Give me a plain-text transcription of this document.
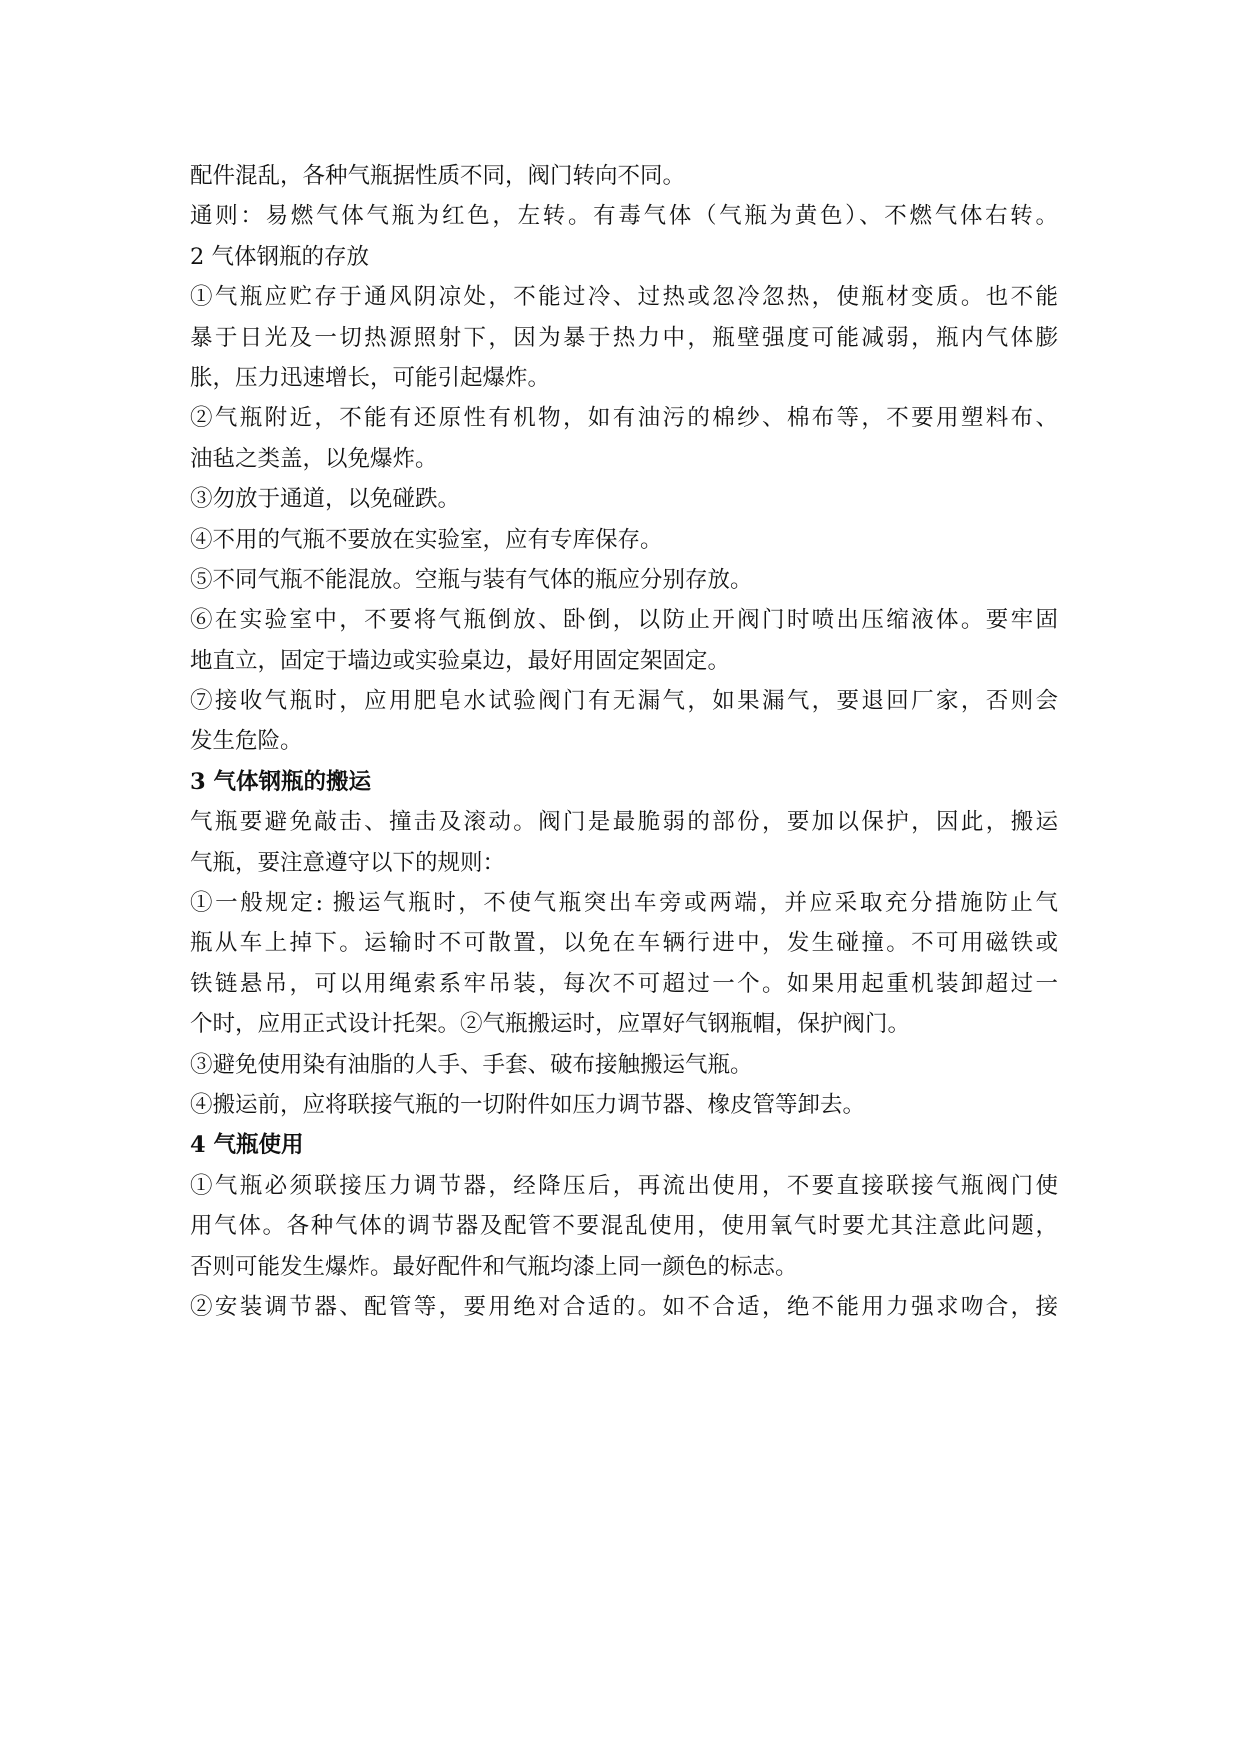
配件混乱，各种气瓶据性质不同，阀门转向不同。
通则：易燃气体气瓶为红色，左转。有毒气体（气瓶为黄色）、不燃气体右转。
2 气体钢瓶的存放
①气瓶应贮存于通风阴凉处，不能过冷、过热或忽冷忽热，使瓶材变质。也不能
暴于日光及一切热源照射下，因为暴于热力中，瓶壁强度可能减弱，瓶内气体膨
胀，压力迅速增长，可能引起爆炸。
②气瓶附近，不能有还原性有机物，如有油污的棉纱、棉布等，不要用塑料布、
油毡之类盖，以免爆炸。
③勿放于通道，以免碰跌。
④不用的气瓶不要放在实验室，应有专库保存。
⑤不同气瓶不能混放。空瓶与装有气体的瓶应分别存放。
⑥在实验室中，不要将气瓶倒放、卧倒，以防止开阀门时喷出压缩液体。要牢固
地直立，固定于墙边或实验桌边，最好用固定架固定。
⑦接收气瓶时，应用肥皂水试验阀门有无漏气，如果漏气，要退回厂家，否则会
发生危险。
3 气体钢瓶的搬运
气瓶要避免敲击、撞击及滚动。阀门是最脆弱的部份，要加以保护，因此，搬运
气瓶，要注意遵守以下的规则：
①一般规定: 搬运气瓶时，不使气瓶突出车旁或两端，并应采取充分措施防止气
瓶从车上掉下。运输时不可散置，以免在车辆行进中，发生碰撞。不可用磁铁或
铁链悬吊，可以用绳索系牢吊装，每次不可超过一个。如果用起重机装卸超过一
个时，应用正式设计托架。②气瓶搬运时，应罩好气钢瓶帽，保护阀门。
③避免使用染有油脂的人手、手套、破布接触搬运气瓶。
④搬运前，应将联接气瓶的一切附件如压力调节器、橡皮管等卸去。
4 气瓶使用
①气瓶必须联接压力调节器，经降压后，再流出使用，不要直接联接气瓶阀门使
用气体。各种气体的调节器及配管不要混乱使用，使用氧气时要尤其注意此问题，
否则可能发生爆炸。最好配件和气瓶均漆上同一颜色的标志。
②安装调节器、配管等，要用绝对合适的。如不合适，绝不能用力强求吻合，接
